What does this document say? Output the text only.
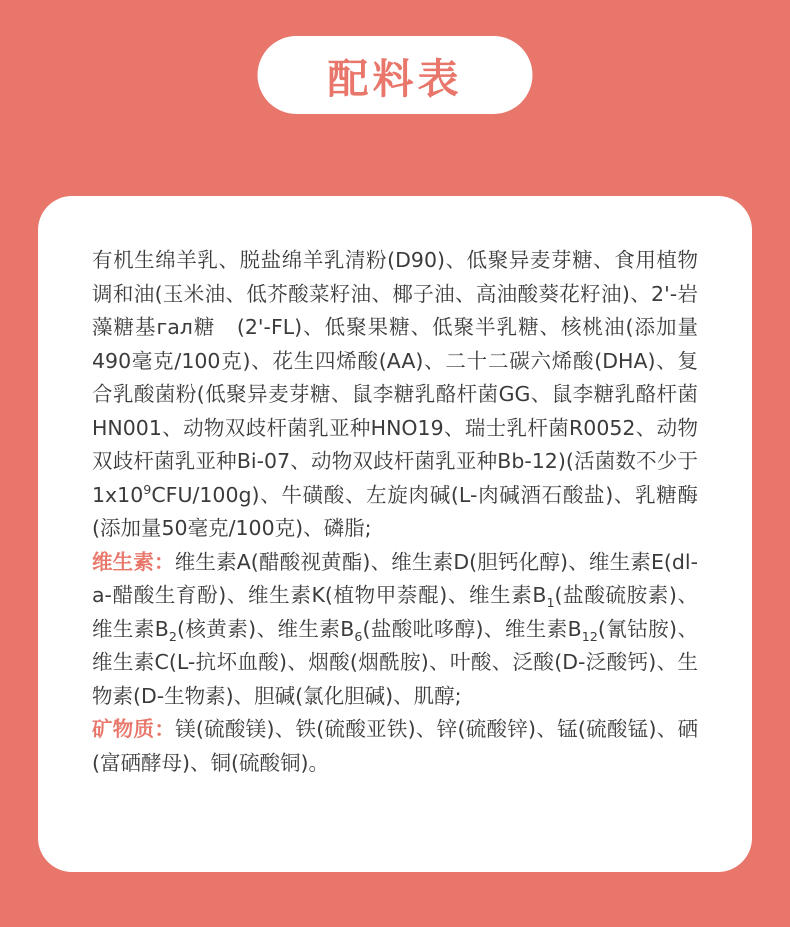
配料表

有机生绵羊乳、脱盐绵羊乳清粉(D90)、低聚异麦芽糖、食用植物调和油(玉米油、低芥酸菜籽油、椰子油、高油酸葵花籽油)、2'-岩藻糖基гал糖　(2'-FL)、低聚果糖、低聚半乳糖、核桃油(添加量490毫克/100克)、花生四烯酸(AA)、二十二碳六烯酸(DHA)、复合乳酸菌粉(低聚异麦芽糖、鼠李糖乳酪杆菌GG、鼠李糖乳酪杆菌HN001、动物双歧杆菌乳亚种HNO19、瑞士乳杆菌R0052、动物双歧杆菌乳亚种Bi-07、动物双歧杆菌乳亚种Bb-12)(活菌数不少于$1x10^9CFU/100g$)、牛磺酸、左旋肉碱(L-肉碱酒石酸盐)、乳糖酶(添加量50毫克/100克)、磷脂;

维生素：维生素A(醋酸视黄酯)、维生素D(胆钙化醇)、维生素E(dl-a-醋酸生育酚)、维生素K(植物甲萘醌)、维生素$B_1$(盐酸硫胺素)、维生素$B_2$(核黄素)、维生素$B_6$(盐酸吡哆醇)、维生素$B_{12}$(氰钴胺)、维生素C(L-抗坏血酸)、烟酸(烟酰胺)、叶酸、泛酸(D-泛酸钙)、生物素(D-生物素)、胆碱(氯化胆碱)、肌醇;

矿物质：镁(硫酸镁)、铁(硫酸亚铁)、锌(硫酸锌)、锰(硫酸锰)、硒(富硒酵母)、铜(硫酸铜)。
